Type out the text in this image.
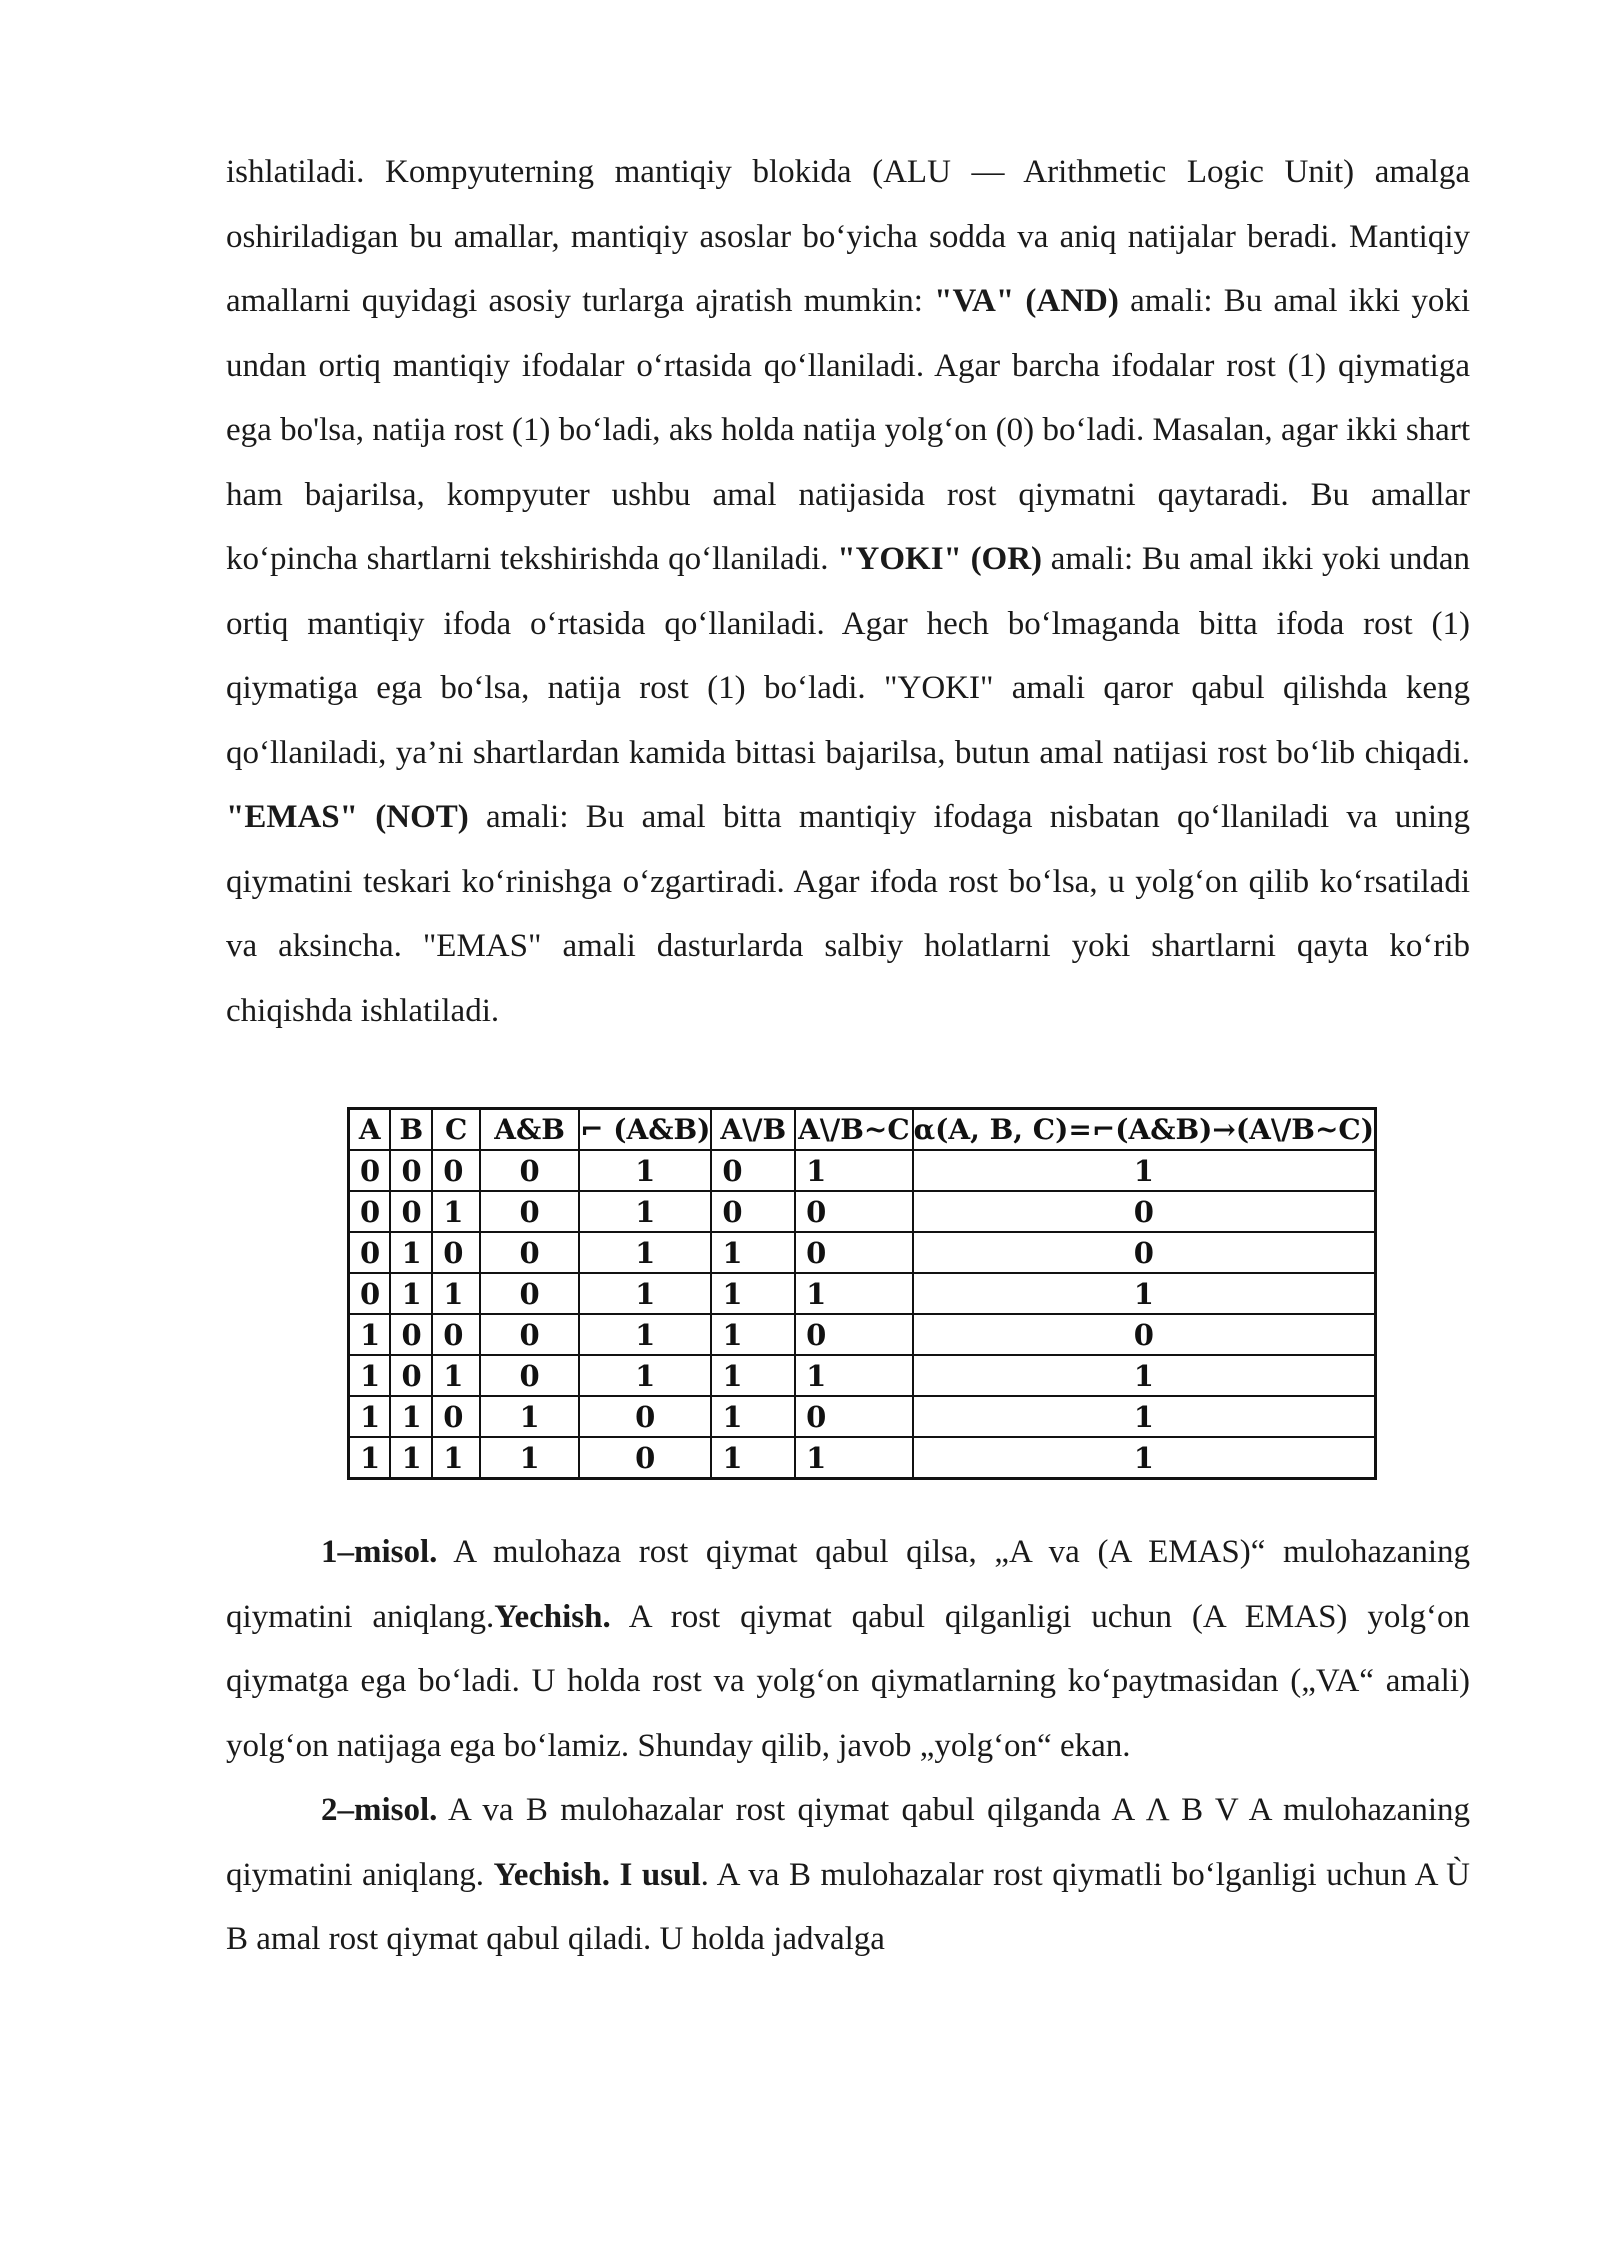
ishlatiladi. Kompyuterning mantiqiy blokida (ALU — Arithmetic Logic Unit) amalga oshiriladigan bu amallar, mantiqiy asoslar bo‘yicha sodda va aniq natijalar beradi. Mantiqiy amallarni quyidagi asosiy turlarga ajratish mumkin: "VA" (AND) amali: Bu amal ikki yoki undan ortiq mantiqiy ifodalar o‘rtasida qo‘llaniladi. Agar barcha ifodalar rost (1) qiymatiga ega bo'lsa, natija rost (1) bo‘ladi, aks holda natija yolg‘on (0) bo‘ladi. Masalan, agar ikki shart ham bajarilsa, kompyuter ushbu amal natijasida rost qiymatni qaytaradi. Bu amallar ko‘pincha shartlarni tekshirishda qo‘llaniladi. "YOKI" (OR) amali: Bu amal ikki yoki undan ortiq mantiqiy ifoda o‘rtasida qo‘llaniladi. Agar hech bo‘lmaganda bitta ifoda rost (1) qiymatiga ega bo‘lsa, natija rost (1) bo‘ladi. "YOKI" amali qaror qabul qilishda keng qo‘llaniladi, ya’ni shartlardan kamida bittasi bajarilsa, butun amal natijasi rost bo‘lib chiqadi. "EMAS" (NOT) amali: Bu amal bitta mantiqiy ifodaga nisbatan qo‘llaniladi va uning qiymatini teskari ko‘rinishga o‘zgartiradi. Agar ifoda rost bo‘lsa, u yolg‘on qilib ko‘rsatiladi va aksincha. "EMAS" amali dasturlarda salbiy holatlarni yoki shartlarni qayta ko‘rib chiqishda ishlatiladi.

A	B	C	A&B	⌐ (A&B)	A\/B	A\/B~C	α(A, B, C)=⌐(A&B)→(A\/B~C)
0	0	0	0	1	0	1	1
0	0	1	0	1	0	0	0
0	1	0	0	1	1	0	0
0	1	1	0	1	1	1	1
1	0	0	0	1	1	0	0
1	0	1	0	1	1	1	1
1	1	0	1	0	1	0	1
1	1	1	1	0	1	1	1

1–misol. A mulohaza rost qiymat qabul qilsa, „A va (A EMAS)“ mulohazaning qiymatini aniqlang.Yechish. A rost qiymat qabul qilganligi uchun (A EMAS) yolg‘on qiymatga ega bo‘ladi. U holda rost va yolg‘on qiymatlarning ko‘paytmasidan („VA“ amali) yolg‘on natijaga ega bo‘lamiz. Shunday qilib, javob „yolg‘on“ ekan.

2–misol. A va B mulohazalar rost qiymat qabul qilganda A Λ B V A mulohazaning qiymatini aniqlang. Yechish. I usul. A va B mulohazalar rost qiymatli bo‘lganligi uchun A Ù B amal rost qiymat qabul qiladi. U holda jadvalga
